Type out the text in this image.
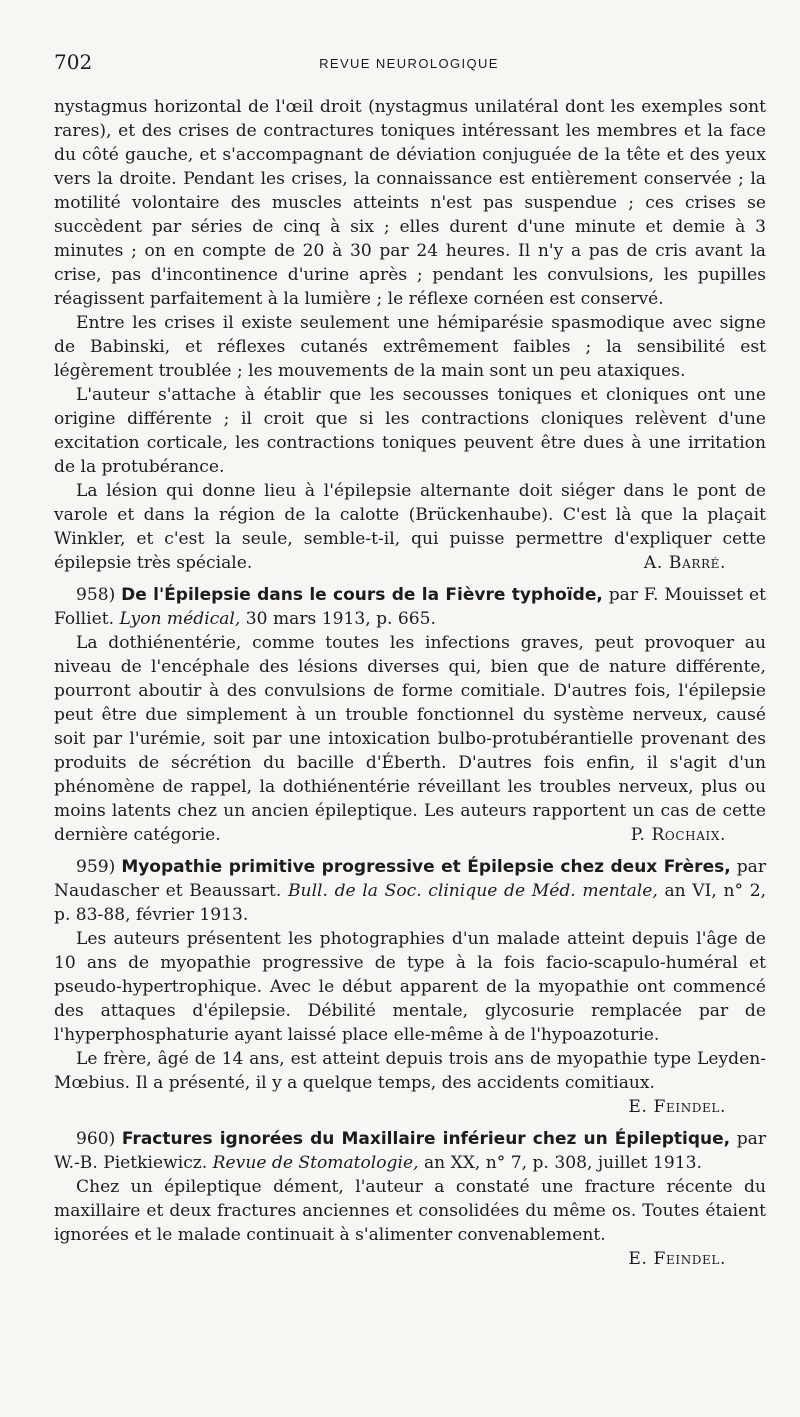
702	REVUE NEUROLOGIQUE

nystagmus horizontal de l'œil droit (nystagmus unilatéral dont les exemples sont rares), et des crises de contractures toniques intéressant les membres et la face du côté gauche, et s'accompagnant de déviation conjuguée de la tête et des yeux vers la droite. Pendant les crises, la connaissance est entièrement conservée ; la motilité volontaire des muscles atteints n'est pas suspendue ; ces crises se succèdent par séries de cinq à six ; elles durent d'une minute et demie à 3 minutes ; on en compte de 20 à 30 par 24 heures. Il n'y a pas de cris avant la crise, pas d'incontinence d'urine après ; pendant les convulsions, les pupilles réagissent parfaitement à la lumière ; le réflexe cornéen est conservé.

Entre les crises il existe seulement une hémiparésie spasmodique avec signe de Babinski, et réflexes cutanés extrêmement faibles ; la sensibilité est légèrement troublée ; les mouvements de la main sont un peu ataxiques.

L'auteur s'attache à établir que les secousses toniques et cloniques ont une origine différente ; il croit que si les contractions cloniques relèvent d'une excitation corticale, les contractions toniques peuvent être dues à une irritation de la protubérance.

La lésion qui donne lieu à l'épilepsie alternante doit siéger dans le pont de varole et dans la région de la calotte (Brückenhaube). C'est là que la plaçait Winkler, et c'est la seule, semble-t-il, qui puisse permettre d'expliquer cette épilepsie très spéciale.	A. Barré.

958) De l'Épilepsie dans le cours de la Fièvre typhoïde, par F. Mouisset et Folliet. Lyon médical, 30 mars 1913, p. 665.

La dothiénentérie, comme toutes les infections graves, peut provoquer au niveau de l'encéphale des lésions diverses qui, bien que de nature différente, pourront aboutir à des convulsions de forme comitiale. D'autres fois, l'épilepsie peut être due simplement à un trouble fonctionnel du système nerveux, causé soit par l'urémie, soit par une intoxication bulbo-protubérantielle provenant des produits de sécrétion du bacille d'Éberth. D'autres fois enfin, il s'agit d'un phénomène de rappel, la dothiénentérie réveillant les troubles nerveux, plus ou moins latents chez un ancien épileptique. Les auteurs rapportent un cas de cette dernière catégorie.	P. Rochaix.

959) Myopathie primitive progressive et Épilepsie chez deux Frères, par Naudascher et Beaussart. Bull. de la Soc. clinique de Méd. mentale, an VI, n° 2, p. 83-88, février 1913.

Les auteurs présentent les photographies d'un malade atteint depuis l'âge de 10 ans de myopathie progressive de type à la fois facio-scapulo-huméral et pseudo-hypertrophique. Avec le début apparent de la myopathie ont commencé des attaques d'épilepsie. Débilité mentale, glycosurie remplacée par de l'hyperphosphaturie ayant laissé place elle-même à de l'hypoazoturie.

Le frère, âgé de 14 ans, est atteint depuis trois ans de myopathie type Leyden-Mœbius. Il a présenté, il y a quelque temps, des accidents comitiaux.

E. Feindel.

960) Fractures ignorées du Maxillaire inférieur chez un Épileptique, par W.-B. Pietkiewicz. Revue de Stomatologie, an XX, n° 7, p. 308, juillet 1913.

Chez un épileptique dément, l'auteur a constaté une fracture récente du maxillaire et deux fractures anciennes et consolidées du même os. Toutes étaient ignorées et le malade continuait à s'alimenter convenablement.

E. Feindel.
